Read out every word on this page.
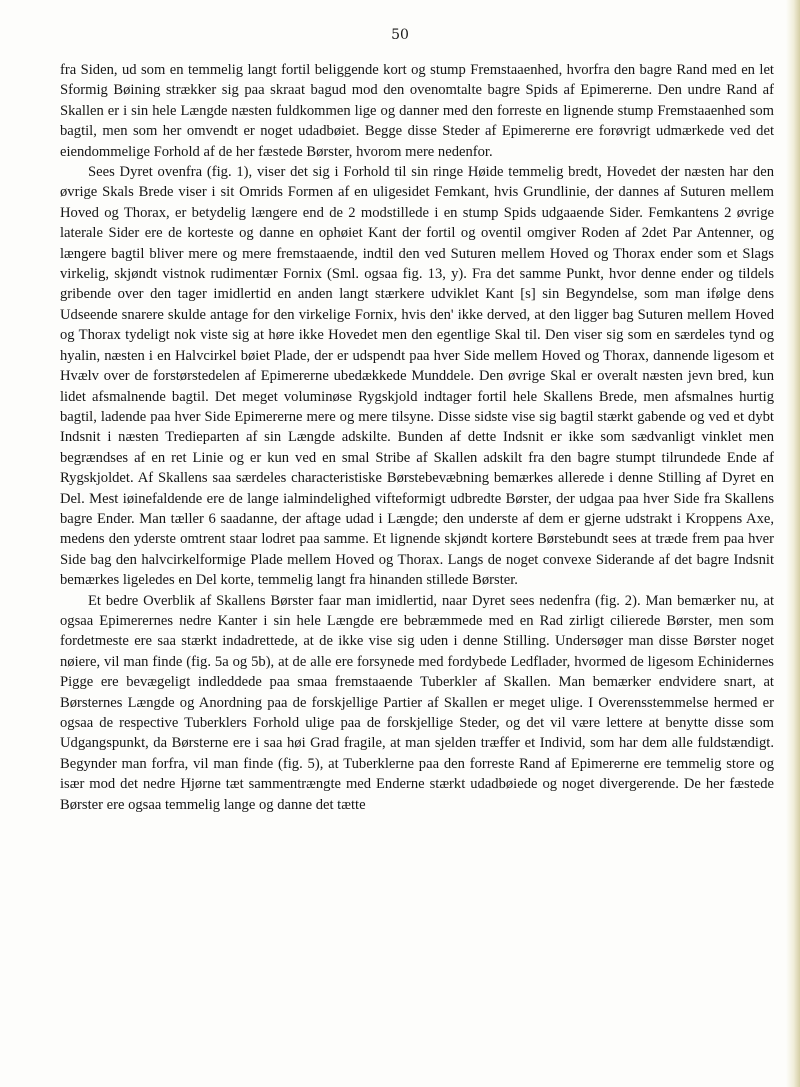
50

fra Siden, ud som en temmelig langt fortil beliggende kort og stump Fremstaaenhed, hvorfra den bagre Rand med en let Sformig Bøining strækker sig paa skraat bagud mod den ovenomtalte bagre Spids af Epimererne. Den undre Rand af Skallen er i sin hele Længde næsten fuldkommen lige og danner med den forreste en lignende stump Fremstaaenhed som bagtil, men som her omvendt er noget udadbøiet. Begge disse Steder af Epimererne ere forøvrigt udmærkede ved det eiendommelige Forhold af de her fæstede Børster, hvorom mere nedenfor.

Sees Dyret ovenfra (fig. 1), viser det sig i Forhold til sin ringe Høide temmelig bredt, Hovedet der næsten har den øvrige Skals Brede viser i sit Omrids Formen af en uligesidet Femkant, hvis Grundlinie, der dannes af Suturen mellem Hoved og Thorax, er betydelig længere end de 2 modstillede i en stump Spids udgaaende Sider. Femkantens 2 øvrige laterale Sider ere de korteste og danne en ophøiet Kant der fortil og oventil omgiver Roden af 2det Par Antenner, og længere bagtil bliver mere og mere fremstaaende, indtil den ved Suturen mellem Hoved og Thorax ender som et Slags virkelig, skjøndt vistnok rudimentær Fornix (Sml. ogsaa fig. 13, y). Fra det samme Punkt, hvor denne ender og tildels gribende over den tager imidlertid en anden langt stærkere udviklet Kant [s] sin Begyndelse, som man ifølge dens Udseende snarere skulde antage for den virkelige Fornix, hvis den' ikke derved, at den ligger bag Suturen mellem Hoved og Thorax tydeligt nok viste sig at høre ikke Hovedet men den egentlige Skal til. Den viser sig som en særdeles tynd og hyalin, næsten i en Halvcirkel bøiet Plade, der er udspendt paa hver Side mellem Hoved og Thorax, dannende ligesom et Hvælv over de forstørstedelen af Epimererne ubedækkede Munddele. Den øvrige Skal er overalt næsten jevn bred, kun lidet afsmalnende bagtil. Det meget voluminøse Rygskjold indtager fortil hele Skallens Brede, men afsmalnes hurtig bagtil, ladende paa hver Side Epimererne mere og mere tilsyne. Disse sidste vise sig bagtil stærkt gabende og ved et dybt Indsnit i næsten Tredieparten af sin Længde adskilte. Bunden af dette Indsnit er ikke som sædvanligt vinklet men begrændses af en ret Linie og er kun ved en smal Stribe af Skallen adskilt fra den bagre stumpt tilrundede Ende af Rygskjoldet. Af Skallens saa særdeles characteristiske Børstebevæbning bemærkes allerede i denne Stilling af Dyret en Del. Mest iøinefaldende ere de lange ialmindelighed vifteformigt udbredte Børster, der udgaa paa hver Side fra Skallens bagre Ender. Man tæller 6 saadanne, der aftage udad i Længde; den underste af dem er gjerne udstrakt i Kroppens Axe, medens den yderste omtrent staar lodret paa samme. Et lignende skjøndt kortere Børstebundt sees at træde frem paa hver Side bag den halvcirkelformige Plade mellem Hoved og Thorax. Langs de noget convexe Siderande af det bagre Indsnit bemærkes ligeledes en Del korte, temmelig langt fra hinanden stillede Børster.

Et bedre Overblik af Skallens Børster faar man imidlertid, naar Dyret sees nedenfra (fig. 2). Man bemærker nu, at ogsaa Epimerernes nedre Kanter i sin hele Længde ere bebræmmede med en Rad zirligt cilierede Børster, men som fordetmeste ere saa stærkt indadrettede, at de ikke vise sig uden i denne Stilling. Undersøger man disse Børster noget nøiere, vil man finde (fig. 5a og 5b), at de alle ere forsynede med fordybede Ledflader, hvormed de ligesom Echinidernes Pigge ere bevægeligt indleddede paa smaa fremstaaende Tuberkler af Skallen. Man bemærker endvidere snart, at Børsternes Længde og Anordning paa de forskjellige Partier af Skallen er meget ulige. I Overensstemmelse hermed er ogsaa de respective Tuberklers Forhold ulige paa de forskjellige Steder, og det vil være lettere at benytte disse som Udgangspunkt, da Børsterne ere i saa høi Grad fragile, at man sjelden træffer et Individ, som har dem alle fuldstændigt. Begynder man forfra, vil man finde (fig. 5), at Tuberklerne paa den forreste Rand af Epimererne ere temmelig store og især mod det nedre Hjørne tæt sammentrængte med Enderne stærkt udadbøiede og noget divergerende. De her fæstede Børster ere ogsaa temmelig lange og danne det tætte
